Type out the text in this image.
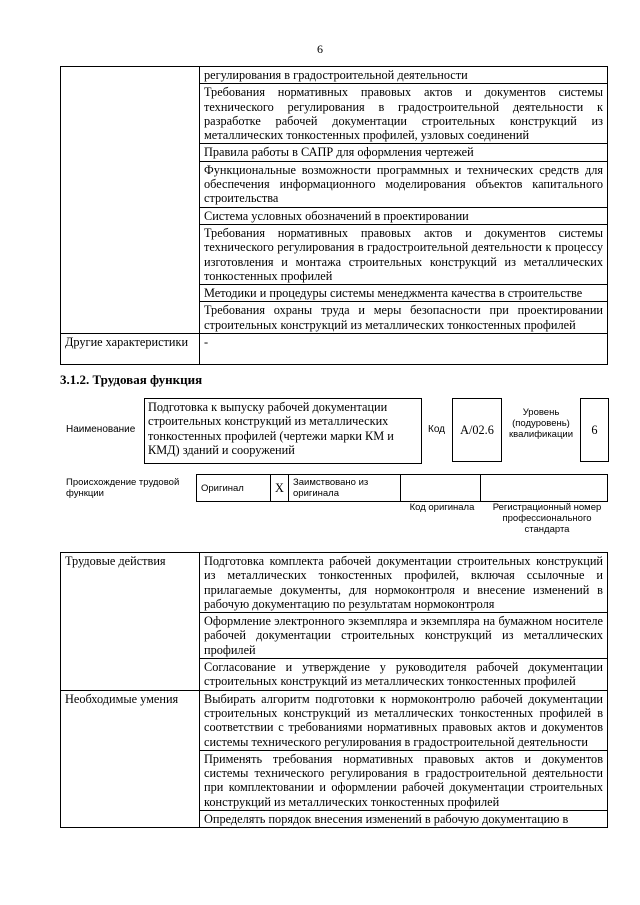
6
	регулирования в градостроительной деятельности
	Требования нормативных правовых актов и документов системы технического регулирования в градостроительной деятельности к разработке рабочей документации строительных конструкций из металлических тонкостенных профилей, узловых соединений
	Правила работы в САПР для оформления чертежей
	Функциональные возможности программных и технических средств для обеспечения информационного моделирования объектов капитального строительства
	Система условных обозначений в проектировании
	Требования нормативных правовых актов и документов системы технического регулирования в градостроительной деятельности к процессу изготовления и монтажа строительных конструкций из металлических тонкостенных профилей
	Методики и процедуры системы менеджмента качества в строительстве
	Требования охраны труда и меры безопасности при проектировании строительных конструкций из металлических тонкостенных профилей
Другие характеристики	-
3.1.2. Трудовая функция
Наименование
Подготовка к выпуску рабочей документации строительных конструкций из металлических тонкостенных профилей (чертежи марки КМ и КМД) зданий и сооружений
Код	А/02.6
Уровень (подуровень) квалификации	6
Происхождение трудовой функции	Оригинал	X	Заимствовано из оригинала		
Код оригинала	Регистрационный номер профессионального стандарта
Трудовые действия	Подготовка комплекта рабочей документации строительных конструкций из металлических тонкостенных профилей, включая ссылочные и прилагаемые документы, для нормоконтроля и внесение изменений в рабочую документацию по результатам нормоконтроля
	Оформление электронного экземпляра и экземпляра на бумажном носителе рабочей документации строительных конструкций из металлических профилей
	Согласование и утверждение у руководителя рабочей документации строительных конструкций из металлических тонкостенных профилей
Необходимые умения	Выбирать алгоритм подготовки к нормоконтролю рабочей документации строительных конструкций из металлических тонкостенных профилей в соответствии с требованиями нормативных правовых актов и документов системы технического регулирования в градостроительной деятельности
	Применять требования нормативных правовых актов и документов системы технического регулирования в градостроительной деятельности при комплектовании и оформлении рабочей документации строительных конструкций из металлических тонкостенных профилей
	Определять порядок внесения изменений в рабочую документацию в
